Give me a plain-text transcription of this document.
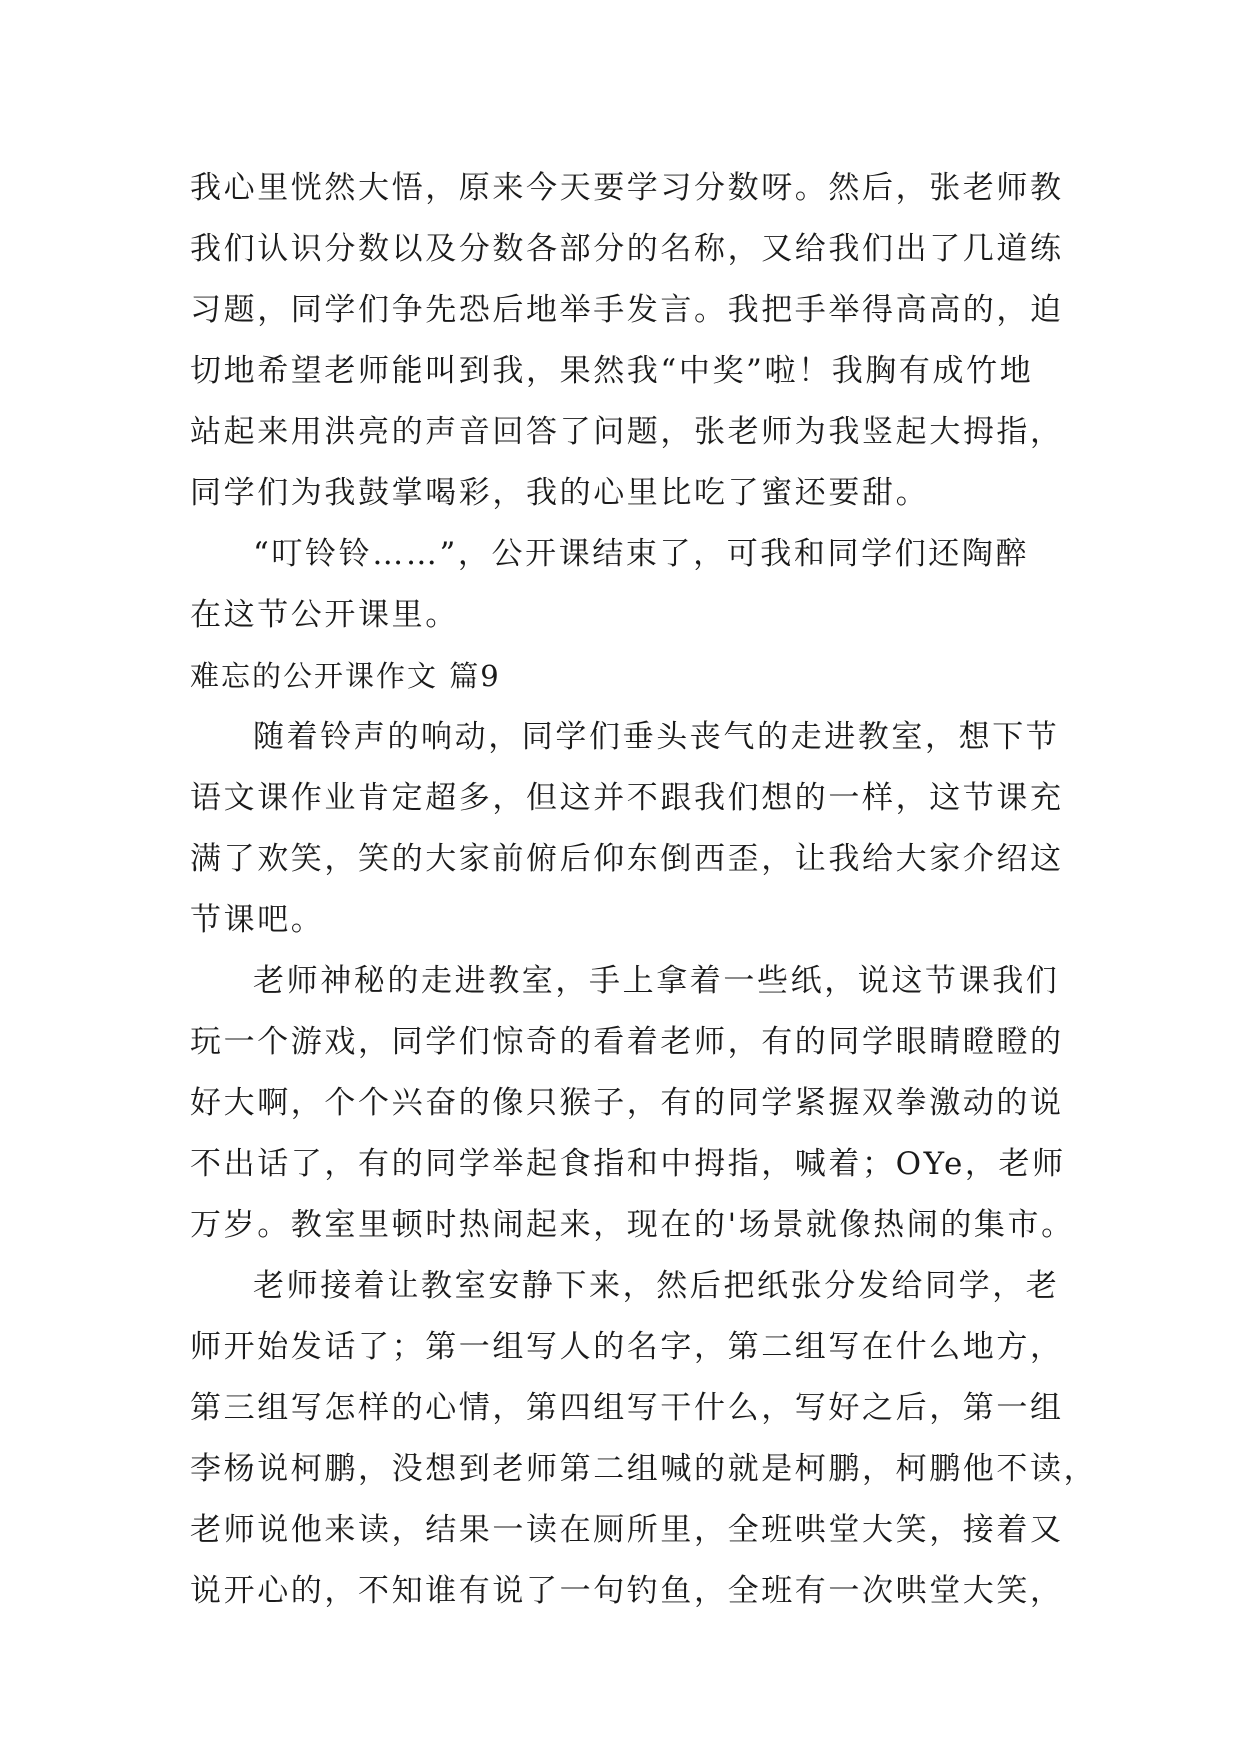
我心里恍然大悟，原来今天要学习分数呀。然后，张老师教
我们认识分数以及分数各部分的名称，又给我们出了几道练
习题，同学们争先恐后地举手发言。我把手举得高高的，迫
切地希望老师能叫到我，果然我“中奖”啦！我胸有成竹地
站起来用洪亮的声音回答了问题，张老师为我竖起大拇指，
同学们为我鼓掌喝彩，我的心里比吃了蜜还要甜。
“叮铃铃……”，公开课结束了，可我和同学们还陶醉
在这节公开课里。
难忘的公开课作文 篇9
随着铃声的响动，同学们垂头丧气的走进教室，想下节
语文课作业肯定超多，但这并不跟我们想的一样，这节课充
满了欢笑，笑的大家前俯后仰东倒西歪，让我给大家介绍这
节课吧。
老师神秘的走进教室，手上拿着一些纸，说这节课我们
玩一个游戏，同学们惊奇的看着老师，有的同学眼睛瞪瞪的
好大啊，个个兴奋的像只猴子，有的同学紧握双拳激动的说
不出话了，有的同学举起食指和中拇指，喊着；OYe，老师
万岁。教室里顿时热闹起来，现在的'场景就像热闹的集市。
老师接着让教室安静下来，然后把纸张分发给同学，老
师开始发话了；第一组写人的名字，第二组写在什么地方，
第三组写怎样的心情，第四组写干什么，写好之后，第一组
李杨说柯鹏，没想到老师第二组喊的就是柯鹏，柯鹏他不读，
老师说他来读，结果一读在厕所里，全班哄堂大笑，接着又
说开心的，不知谁有说了一句钓鱼，全班有一次哄堂大笑，
